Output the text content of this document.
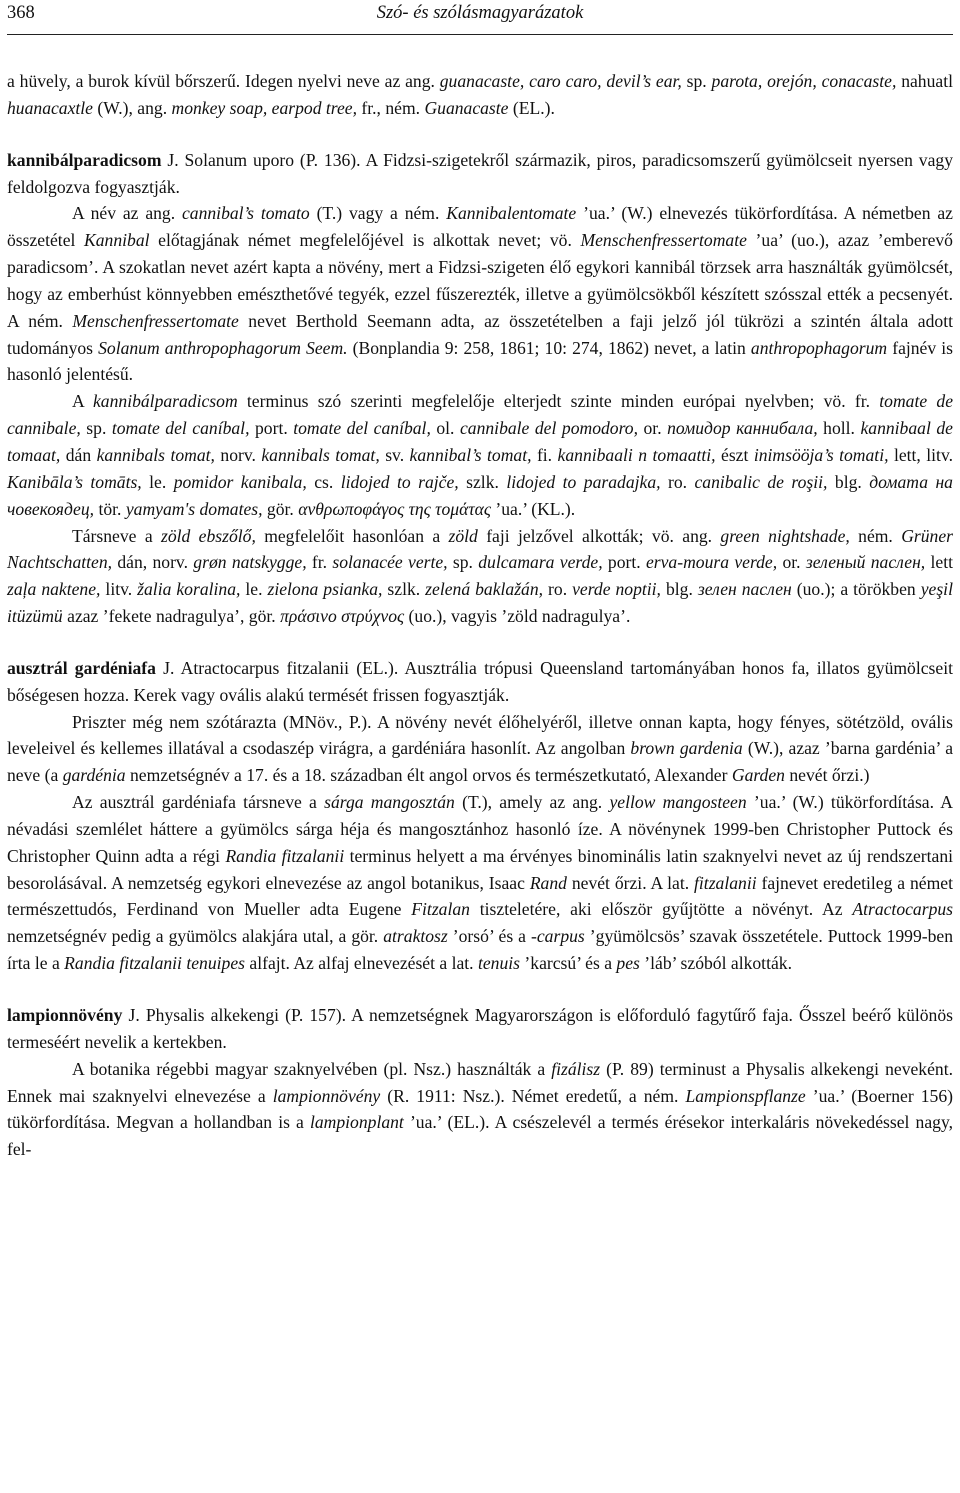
368	Szó- és szólásmagyarázatok

a hüvely, a burok kívül bőrszerű. Idegen nyelvi neve az ang. guanacaste, caro caro, devil’s ear, sp. parota, orejón, conacaste, nahuatl huanacaxtle (W.), ang. monkey soap, earpod tree, fr., ném. Guanacaste (EL.).

kannibálparadicsom J. Solanum uporo (P. 136). A Fidzsi-szigetekről származik, piros, paradicsomszerű gyümölcseit nyersen vagy feldolgozva fogyasztják.

A név az ang. cannibal’s tomato (T.) vagy a ném. Kannibalentomate ’ua.’ (W.) elnevezés tükörfordítása. A németben az összetétel Kannibal előtagjának német megfelelőjével is alkottak nevet; vö. Menschenfressertomate ’ua’ (uo.), azaz ’emberevő paradicsom’. A szokatlan nevet azért kapta a növény, mert a Fidzsi-szigeten élő egykori kannibál törzsek arra használták gyümölcsét, hogy az emberhúst könnyebben emészthetővé tegyék, ezzel fűszerezték, illetve a gyümölcsökből készített szósszal ették a pecsenyét. A ném. Menschenfressertomate nevet Berthold Seemann adta, az összetételben a faji jelző jól tükrözi a szintén általa adott tudományos Solanum anthropophagorum Seem. (Bonplandia 9: 258, 1861; 10: 274, 1862) nevet, a latin anthropophagorum fajnév is hasonló jelentésű.

A kannibálparadicsom terminus szó szerinti megfelelője elterjedt szinte minden európai nyelvben; vö. fr. tomate de cannibale, sp. tomate del caníbal, port. tomate del caníbal, ol. cannibale del pomodoro, or. помидор каннибала, holl. kannibaal de tomaat, dán kannibals tomat, norv. kannibals tomat, sv. kannibal’s tomat, fi. kannibaali n tomaatti, észt inimsööja’s tomati, lett, litv. Kanibāla’s tomāts, le. pomidor kanibala, cs. lidojed to rajče, szlk. lidojed to paradajka, ro. canibalic de roşii, blg. домата на човекоядец, tör. yamyam's domates, gör. ανθρωποφάγος της τομάτας ’ua.’ (KL.).

Társneve a zöld ebszőlő, megfelelőit hasonlóan a zöld faji jelzővel alkották; vö. ang. green nightshade, ném. Grüner Nachtschatten, dán, norv. grøn natskygge, fr. solanacée verte, sp. dulcamara verde, port. erva-moura verde, or. зеленый паслен, lett zaļa naktene, litv. žalia koralina, le. zielona psianka, szlk. zelená baklažán, ro. verde noptii, blg. зелен паслен (uo.); a törökben yeşil itüzümü azaz ’fekete nadragulya’, gör. πράσινο στρύχνος (uo.), vagyis ’zöld nadragulya’.

ausztrál gardéniafa J. Atractocarpus fitzalanii (EL.). Ausztrália trópusi Queensland tartományában honos fa, illatos gyümölcseit bőségesen hozza. Kerek vagy ovális alakú termését frissen fogyasztják.

Priszter még nem szótárazta (MNöv., P.). A növény nevét élőhelyéről, illetve onnan kapta, hogy fényes, sötétzöld, ovális leveleivel és kellemes illatával a csodaszép virágra, a gardéniára hasonlít. Az angolban brown gardenia (W.), azaz ’barna gardénia’ a neve (a gardénia nemzetségnév a 17. és a 18. században élt angol orvos és természetkutató, Alexander Garden nevét őrzi.)

Az ausztrál gardéniafa társneve a sárga mangosztán (T.), amely az ang. yellow mangosteen ’ua.’ (W.) tükörfordítása. A névadási szemlélet háttere a gyümölcs sárga héja és mangosztánhoz hasonló íze. A növénynek 1999-ben Christopher Puttock és Christopher Quinn adta a régi Randia fitzalanii terminus helyett a ma érvényes binominális latin szaknyelvi nevet az új rendszertani besorolásával. A nemzetség egykori elnevezése az angol botanikus, Isaac Rand nevét őrzi. A lat. fitzalanii fajnevet eredetileg a német természettudós, Ferdinand von Mueller adta Eugene Fitzalan tiszteletére, aki először gyűjtötte a növényt. Az Atractocarpus nemzetségnév pedig a gyümölcs alakjára utal, a gör. atraktosz ’orsó’ és a -carpus ’gyümölcsös’ szavak összetétele. Puttock 1999-ben írta le a Randia fitzalanii tenuipes alfajt. Az alfaj elnevezését a lat. tenuis ’karcsú’ és a pes ’láb’ szóból alkották.

lampionnövény J. Physalis alkekengi (P. 157). A nemzetségnek Magyarországon is előforduló fagytűrő faja. Ősszel beérő különös termeséért nevelik a kertekben.

A botanika régebbi magyar szaknyelvében (pl. Nsz.) használták a fizálisz (P. 89) terminust a Physalis alkekengi neveként. Ennek mai szaknyelvi elnevezése a lampionnövény (R. 1911: Nsz.). Német eredetű, a ném. Lampionspflanze ’ua.’ (Boerner 156) tükörfordítása. Megvan a hollandban is a lampionplant ’ua.’ (EL.). A csészelevél a termés érésekor interkaláris növekedéssel nagy, fel-
